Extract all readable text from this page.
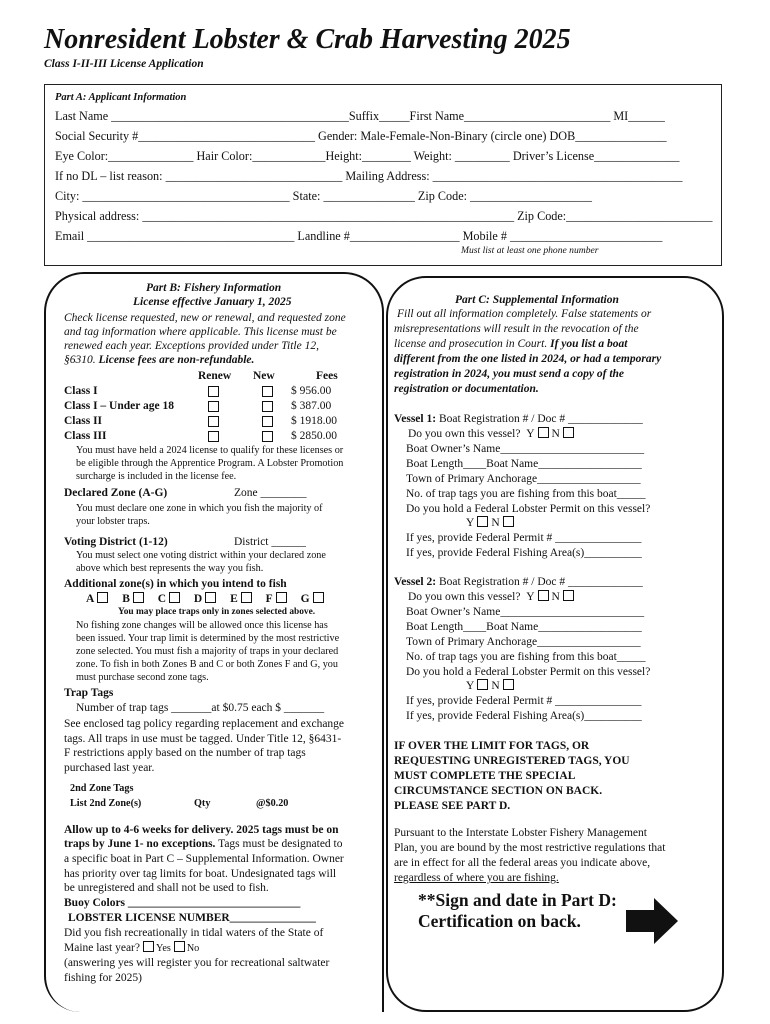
Nonresident Lobster & Crab Harvesting 2025
Class I-II-III License Application
Part A: Applicant Information
Last Name _______________________________________Suffix_____First Name________________________ MI______
Social Security #_____________________________ Gender: Male-Female-Non-Binary (circle one) DOB_______________
Eye Color:______________ Hair Color:____________Height:________ Weight: _________ Driver’s License______________
If no DL – list reason: _____________________________ Mailing Address: _________________________________________
City: __________________________________ State: _______________ Zip Code: ____________________
Physical address: _____________________________________________________________ Zip Code:________________________
Email __________________________________ Landline #__________________ Mobile # _________________________
Must list at least one phone number
Part B: Fishery Information
License effective January 1, 2025
Check license requested, new or renewal, and requested zone
and tag information where applicable. This license must be
renewed each year. Exceptions provided under Title 12,
§6310. License fees are non-refundable.
Renew New	Fees
Class I	$ 956.00
Class I – Under age 18	$ 387.00
Class II	$ 1918.00
Class III	$ 2850.00
You must have held a 2024 license to qualify for these licenses or
be eligible through the Apprentice Program. A Lobster Promotion
surcharge is included in the license fee.
Declared Zone (A-G)	Zone ________
You must declare one zone in which you fish the majority of
your lobster traps.
Voting District (1-12)	District ______
You must select one voting district within your declared zone
above which best represents the way you fish.
Additional zone(s) in which you intend to fish
A B C D E F G
You may place traps only in zones selected above.
No fishing zone changes will be allowed once this license has
been issued. Your trap limit is determined by the most restrictive
zone selected. You must fish a majority of traps in your declared
zone. To fish in both Zones B and C or both Zones F and G, you
must purchase second zone tags.
Trap Tags
Number of trap tags _______at $0.75 each $ _______
See enclosed tag policy regarding replacement and exchange
tags. All traps in use must be tagged. Under Title 12, §6431-
F restrictions apply based on the number of trap tags
purchased last year.
2nd Zone Tags
List 2nd Zone(s)	Qty	@$0.20
Allow up to 4-6 weeks for delivery. 2025 tags must be on
traps by June 1- no exceptions. Tags must be designated to
a specific boat in Part C – Supplemental Information. Owner
has priority over tag limits for boat. Undesignated tags will
be unregistered and shall not be used to fish.
Buoy Colors ______________________________
LOBSTER LICENSE NUMBER_______________
Did you fish recreationally in tidal waters of the State of
Maine last year? Yes No
(answering yes will register you for recreational saltwater
fishing for 2025)
Part C: Supplemental Information
Fill out all information completely. False statements or
misrepresentations will result in the revocation of the
license and prosecution in Court. If you list a boat
different from the one listed in 2024, or had a temporary
registration in 2024, you must send a copy of the
registration or documentation.
Vessel 1: Boat Registration # / Doc # _____________
Do you own this vessel? Y N
Boat Owner’s Name_________________________
Boat Length____Boat Name__________________
Town of Primary Anchorage__________________
No. of trap tags you are fishing from this boat_____
Do you hold a Federal Lobster Permit on this vessel?
Y N
If yes, provide Federal Permit # _______________
If yes, provide Federal Fishing Area(s)__________
Vessel 2: Boat Registration # / Doc # _____________
Do you own this vessel? Y N
Boat Owner’s Name_________________________
Boat Length____Boat Name__________________
Town of Primary Anchorage__________________
No. of trap tags you are fishing from this boat_____
Do you hold a Federal Lobster Permit on this vessel?
Y N
If yes, provide Federal Permit # _______________
If yes, provide Federal Fishing Area(s)__________
IF OVER THE LIMIT FOR TAGS, OR
REQUESTING UNREGISTERED TAGS, YOU
MUST COMPLETE THE SPECIAL
CIRCUMSTANCE SECTION ON BACK.
PLEASE SEE PART D.
Pursuant to the Interstate Lobster Fishery Management
Plan, you are bound by the most restrictive regulations that
are in effect for all the federal areas you indicate above,
regardless of where you are fishing.
**Sign and date in Part D:
Certification on back.
